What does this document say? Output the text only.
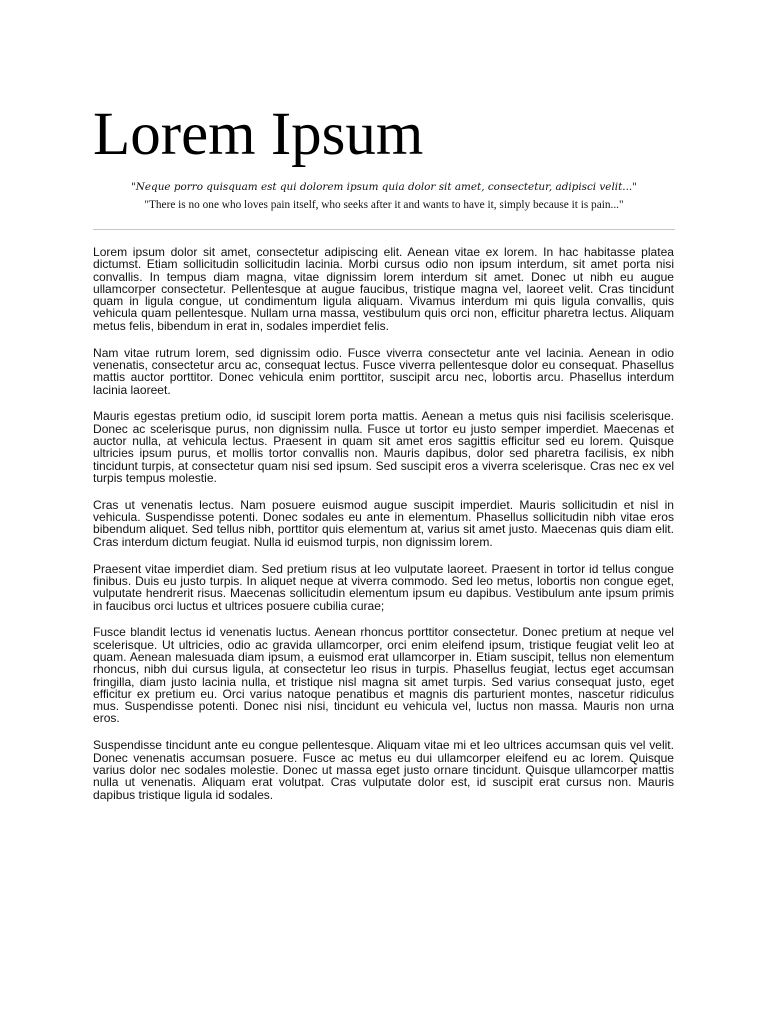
Lorem Ipsum

"Neque porro quisquam est qui dolorem ipsum quia dolor sit amet, consectetur, adipisci velit..."

"There is no one who loves pain itself, who seeks after it and wants to have it, simply because it is pain..."

Lorem ipsum dolor sit amet, consectetur adipiscing elit. Aenean vitae ex lorem. In hac habitasse platea dictumst. Etiam sollicitudin sollicitudin lacinia. Morbi cursus odio non ipsum interdum, sit amet porta nisi convallis. In tempus diam magna, vitae dignissim lorem interdum sit amet. Donec ut nibh eu augue ullamcorper consectetur. Pellentesque at augue faucibus, tristique magna vel, laoreet velit. Cras tincidunt quam in ligula congue, ut condimentum ligula aliquam. Vivamus interdum mi quis ligula convallis, quis vehicula quam pellentesque. Nullam urna massa, vestibulum quis orci non, efficitur pharetra lectus. Aliquam metus felis, bibendum in erat in, sodales imperdiet felis.

Nam vitae rutrum lorem, sed dignissim odio. Fusce viverra consectetur ante vel lacinia. Aenean in odio venenatis, consectetur arcu ac, consequat lectus. Fusce viverra pellentesque dolor eu consequat. Phasellus mattis auctor porttitor. Donec vehicula enim porttitor, suscipit arcu nec, lobortis arcu. Phasellus interdum lacinia laoreet.

Mauris egestas pretium odio, id suscipit lorem porta mattis. Aenean a metus quis nisi facilisis scelerisque. Donec ac scelerisque purus, non dignissim nulla. Fusce ut tortor eu justo semper imperdiet. Maecenas et auctor nulla, at vehicula lectus. Praesent in quam sit amet eros sagittis efficitur sed eu lorem. Quisque ultricies ipsum purus, et mollis tortor convallis non. Mauris dapibus, dolor sed pharetra facilisis, ex nibh tincidunt turpis, at consectetur quam nisi sed ipsum. Sed suscipit eros a viverra scelerisque. Cras nec ex vel turpis tempus molestie.

Cras ut venenatis lectus. Nam posuere euismod augue suscipit imperdiet. Mauris sollicitudin et nisl in vehicula. Suspendisse potenti. Donec sodales eu ante in elementum. Phasellus sollicitudin nibh vitae eros bibendum aliquet. Sed tellus nibh, porttitor quis elementum at, varius sit amet justo. Maecenas quis diam elit. Cras interdum dictum feugiat. Nulla id euismod turpis, non dignissim lorem.

Praesent vitae imperdiet diam. Sed pretium risus at leo vulputate laoreet. Praesent in tortor id tellus congue finibus. Duis eu justo turpis. In aliquet neque at viverra commodo. Sed leo metus, lobortis non congue eget, vulputate hendrerit risus. Maecenas sollicitudin elementum ipsum eu dapibus. Vestibulum ante ipsum primis in faucibus orci luctus et ultrices posuere cubilia curae;

Fusce blandit lectus id venenatis luctus. Aenean rhoncus porttitor consectetur. Donec pretium at neque vel scelerisque. Ut ultricies, odio ac gravida ullamcorper, orci enim eleifend ipsum, tristique feugiat velit leo at quam. Aenean malesuada diam ipsum, a euismod erat ullamcorper in. Etiam suscipit, tellus non elementum rhoncus, nibh dui cursus ligula, at consectetur leo risus in turpis. Phasellus feugiat, lectus eget accumsan fringilla, diam justo lacinia nulla, et tristique nisl magna sit amet turpis. Sed varius consequat justo, eget efficitur ex pretium eu. Orci varius natoque penatibus et magnis dis parturient montes, nascetur ridiculus mus. Suspendisse potenti. Donec nisi nisi, tincidunt eu vehicula vel, luctus non massa. Mauris non urna eros.

Suspendisse tincidunt ante eu congue pellentesque. Aliquam vitae mi et leo ultrices accumsan quis vel velit. Donec venenatis accumsan posuere. Fusce ac metus eu dui ullamcorper eleifend eu ac lorem. Quisque varius dolor nec sodales molestie. Donec ut massa eget justo ornare tincidunt. Quisque ullamcorper mattis nulla ut venenatis. Aliquam erat volutpat. Cras vulputate dolor est, id suscipit erat cursus non. Mauris dapibus tristique ligula id sodales.
